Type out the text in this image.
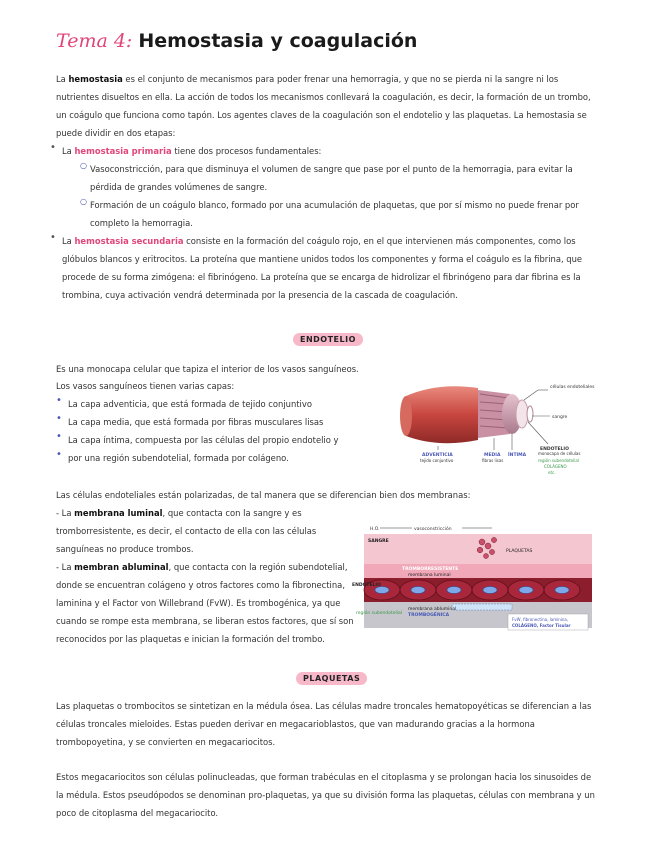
Tema 4: Hemostasia y coagulación

La hemostasia es el conjunto de mecanismos para poder frenar una hemorragia, y que no se pierda ni la sangre ni los nutrientes disueltos en ella. La acción de todos los mecanismos conllevará la coagulación, es decir, la formación de un trombo, un coágulo que funciona como tapón. Los agentes claves de la coagulación son el endotelio y las plaquetas. La hemostasia se puede dividir en dos etapas:

• La hemostasia primaria tiene dos procesos fundamentales:

○ Vasoconstricción, para que disminuya el volumen de sangre que pase por el punto de la hemorragia, para evitar la pérdida de grandes volúmenes de sangre.

○ Formación de un coágulo blanco, formado por una acumulación de plaquetas, que por sí mismo no puede frenar por completo la hemorragia.

• La hemostasia secundaria consiste en la formación del coágulo rojo, en el que intervienen más componentes, como los glóbulos blancos y eritrocitos. La proteína que mantiene unidos todos los componentes y forma el coágulo es la fibrina, que procede de su forma zimógena: el fibrinógeno. La proteína que se encarga de hidrolizar el fibrinógeno para dar fibrina es la trombina, cuya activación vendrá determinada por la presencia de la cascada de coagulación.

ENDOTELIO

Es una monocapa celular que tapiza el interior de los vasos sanguíneos.

Los vasos sanguíneos tienen varias capas:

• La capa adventicia, que está formada de tejido conjuntivo

• La capa media, que está formada por fibras musculares lisas

• La capa íntima, compuesta por las células del propio endotelio y

• por una región subendotelial, formada por colágeno.

células endoteliales
sangre
ADVENTICIA
tejido conjuntivo
MEDIA
fibras lisas
ÍNTIMA
ENDOTELIO
monocapa de células
región subendotelial
COLÁGENO
etc.

Las células endoteliales están polarizadas, de tal manera que se diferencian bien dos membranas:

- La membrana luminal, que contacta con la sangre y es tromborresistente, es decir, el contacto de ella con las células sanguíneas no produce trombos.

- La membran abluminal, que contacta con la región subendotelial, donde se encuentran colágeno y otros factores como la fibronectina, laminina y el Factor von Willebrand (FvW). Es trombogénica, ya que cuando se rompe esta membrana, se liberan estos factores, que sí son reconocidos por las plaquetas e inician la formación del trombo.

H.O.	vasoconstricción
SANGRE
PLAQUETAS
TROMBORRESISTENTE
membrana luminal
ENDOTELIO
membrana abluminal
TROMBOGÉNICA
región subendotelial
FvW, fibronectina, laminina,
COLÁGENO, Factor Tisular
PLAQUETAS

Las plaquetas o trombocitos se sintetizan en la médula ósea. Las células madre troncales hematopoyéticas se diferencian a las células troncales mieloides. Estas pueden derivar en megacarioblastos, que van madurando gracias a la hormona trombopoyetina, y se convierten en megacariocitos.

Estos megacariocitos son células polinucleadas, que forman trabéculas en el citoplasma y se prolongan hacia los sinusoides de la médula. Estos pseudópodos se denominan pro-plaquetas, ya que su división forma las plaquetas, células con membrana y un poco de citoplasma del megacariocito.
